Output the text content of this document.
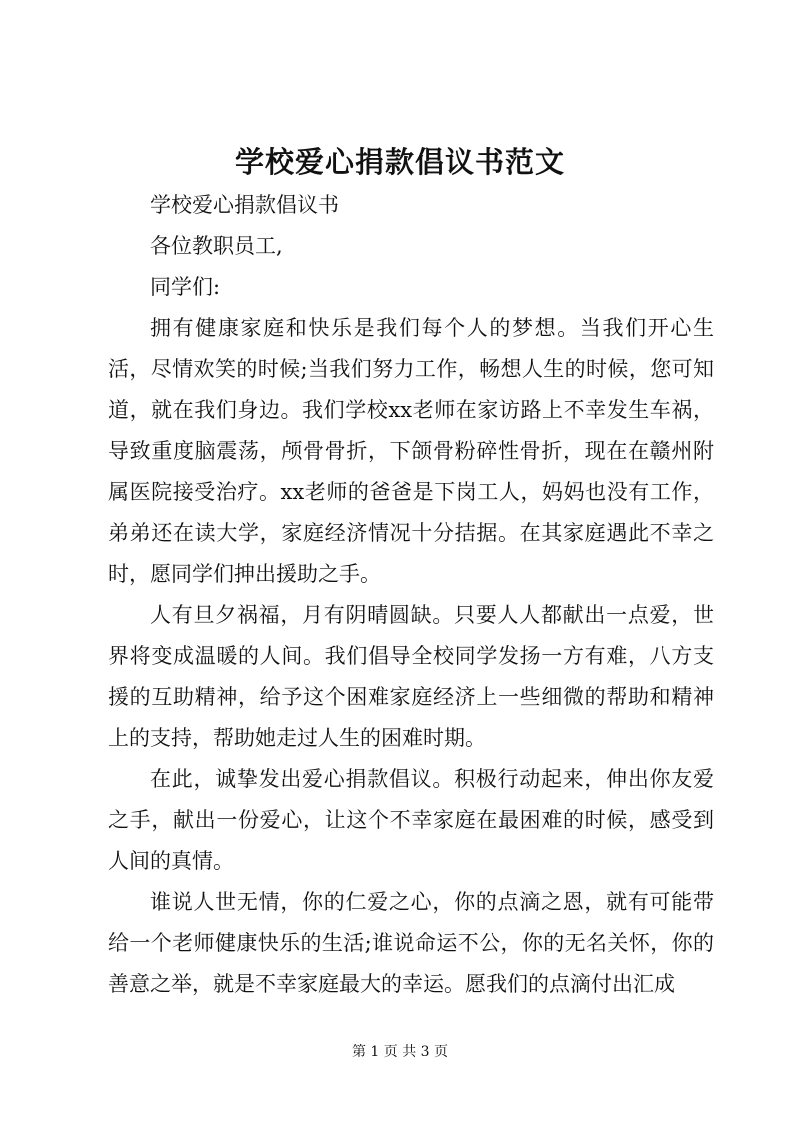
学校爱心捐款倡议书范文

学校爱心捐款倡议书

各位教职员工,

同学们:

拥有健康家庭和快乐是我们每个人的梦想。当我们开心生活，尽情欢笑的时候;当我们努力工作，畅想人生的时候，您可知道，就在我们身边。我们学校xx老师在家访路上不幸发生车祸，导致重度脑震荡，颅骨骨折，下颌骨粉碎性骨折，现在在赣州附属医院接受治疗。xx老师的爸爸是下岗工人，妈妈也没有工作，弟弟还在读大学，家庭经济情况十分拮据。在其家庭遇此不幸之时，愿同学们抻出援助之手。

人有旦夕祸福，月有阴晴圆缺。只要人人都献出一点爱，世界将变成温暖的人间。我们倡导全校同学发扬一方有难，八方支援的互助精神，给予这个困难家庭经济上一些细微的帮助和精神上的支持，帮助她走过人生的困难时期。

在此，诚挚发出爱心捐款倡议。积极行动起来，伸出你友爱之手，献出一份爱心，让这个不幸家庭在最困难的时候，感受到人间的真情。

谁说人世无情，你的仁爱之心，你的点滴之恩，就有可能带给一个老师健康快乐的生活;谁说命运不公，你的无名关怀，你的善意之举，就是不幸家庭最大的幸运。愿我们的点滴付出汇成

第 1 页 共 3 页
